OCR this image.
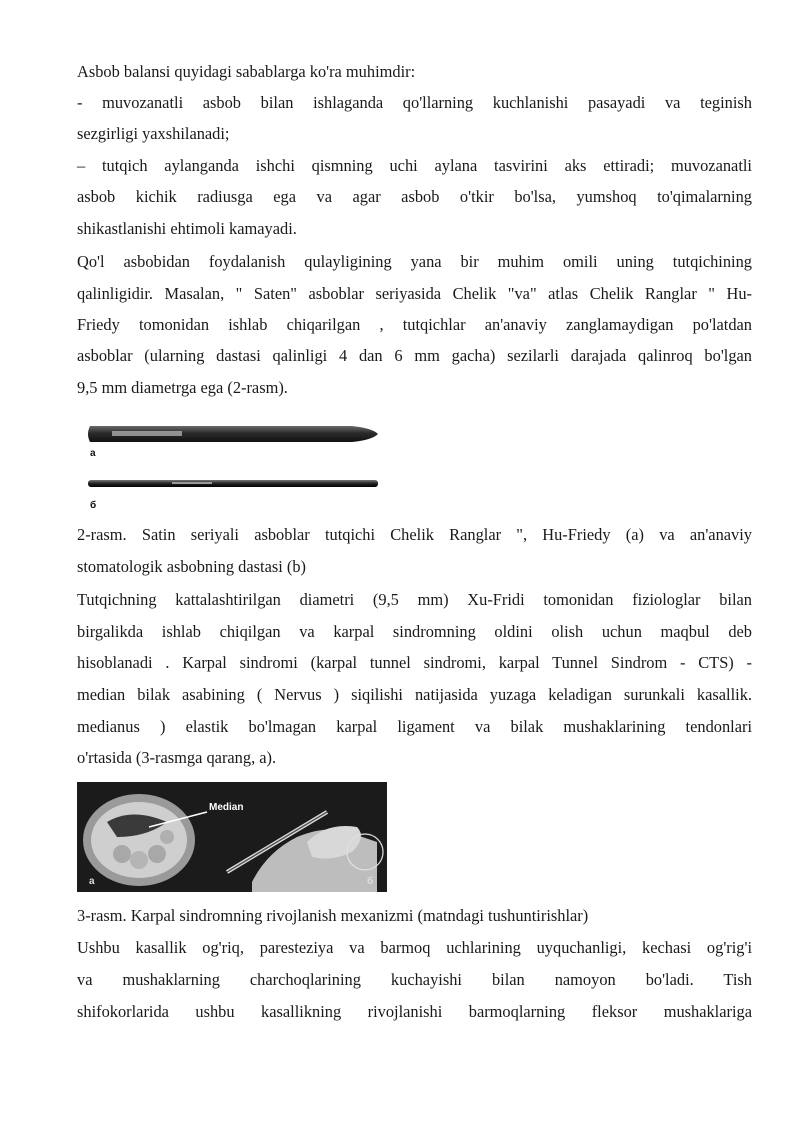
Asbob balansi quyidagi sabablarga ko'ra muhimdir:

- muvozanatli asbob bilan ishlaganda qo'llarning kuchlanishi pasayadi va teginish

sezgirligi yaxshilanadi;

– tutqich aylanganda ishchi qismning uchi aylana tasvirini aks ettiradi; muvozanatli

asbob kichik radiusga ega va agar asbob o'tkir bo'lsa, yumshoq to'qimalarning

shikastlanishi ehtimoli kamayadi.

Qo'l asbobidan foydalanish qulayligining yana bir muhim omili uning tutqichining

qalinligidir. Masalan, " Saten" asboblar seriyasida Chelik "va" atlas Chelik Ranglar " Hu-

Friedy tomonidan ishlab chiqarilgan , tutqichlar an'anaviy zanglamaydigan po'latdan

asboblar (ularning dastasi qalinligi 4 dan 6 mm gacha) sezilarli darajada qalinroq bo'lgan

9,5 mm diametrga ega (2-rasm).

a
б

2-rasm. Satin seriyali asboblar tutqichi Chelik Ranglar ", Hu-Friedy (a) va an'anaviy

stomatologik asbobning dastasi (b)

Tutqichning kattalashtirilgan diametri (9,5 mm) Xu-Fridi tomonidan fiziologlar bilan

birgalikda ishlab chiqilgan va karpal sindromning oldini olish uchun maqbul deb

hisoblanadi . Karpal sindromi (karpal tunnel sindromi, karpal Tunnel Sindrom - CTS) -

median bilak asabining ( Nervus ) siqilishi natijasida yuzaga keladigan surunkali kasallik.

medianus ) elastik bo'lmagan karpal ligament va bilak mushaklarining tendonlari

o'rtasida (3-rasmga qarang, a).

Median
a	б

3-rasm. Karpal sindromning rivojlanish mexanizmi (matndagi tushuntirishlar)

Ushbu kasallik og'riq, paresteziya va barmoq uchlarining uyquchanligi, kechasi og'rig'i

va mushaklarning charchoqlarining kuchayishi bilan namoyon bo'ladi. Tish

shifokorlarida ushbu kasallikning rivojlanishi barmoqlarning fleksor mushaklariga
